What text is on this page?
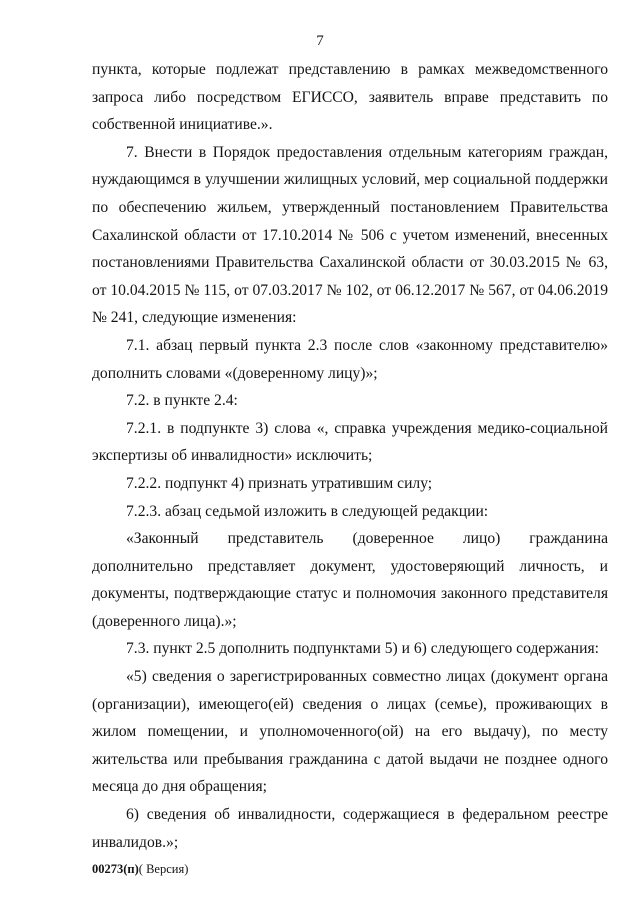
7

пункта, которые подлежат представлению в рамках межведомственного запроса либо посредством ЕГИССО, заявитель вправе представить по собственной инициативе.».

7. Внести в Порядок предоставления отдельным категориям граждан, нуждающимся в улучшении жилищных условий, мер социальной поддержки по обеспечению жильем, утвержденный постановлением Правительства Сахалинской области от 17.10.2014 № 506 с учетом изменений, внесенных постановлениями Правительства Сахалинской области от 30.03.2015 № 63, от 10.04.2015 № 115, от 07.03.2017 № 102, от 06.12.2017 № 567, от 04.06.2019 № 241, следующие изменения:

7.1. абзац первый пункта 2.3 после слов «законному представителю» дополнить словами «(доверенному лицу)»;

7.2. в пункте 2.4:

7.2.1. в подпункте 3) слова «, справка учреждения медико-социальной экспертизы об инвалидности» исключить;

7.2.2. подпункт 4) признать утратившим силу;

7.2.3. абзац седьмой изложить в следующей редакции:

«Законный представитель (доверенное лицо) гражданина дополнительно представляет документ, удостоверяющий личность, и документы, подтверждающие статус и полномочия законного представителя (доверенного лица).»;

7.3. пункт 2.5 дополнить подпунктами 5) и 6) следующего содержания:

«5) сведения о зарегистрированных совместно лицах (документ органа (организации), имеющего(ей) сведения о лицах (семье), проживающих в жилом помещении, и уполномоченного(ой) на его выдачу), по месту жительства или пребывания гражданина с датой выдачи не позднее одного месяца до дня обращения;

6) сведения об инвалидности, содержащиеся в федеральном реестре инвалидов.»;

00273(п)( Версия)
